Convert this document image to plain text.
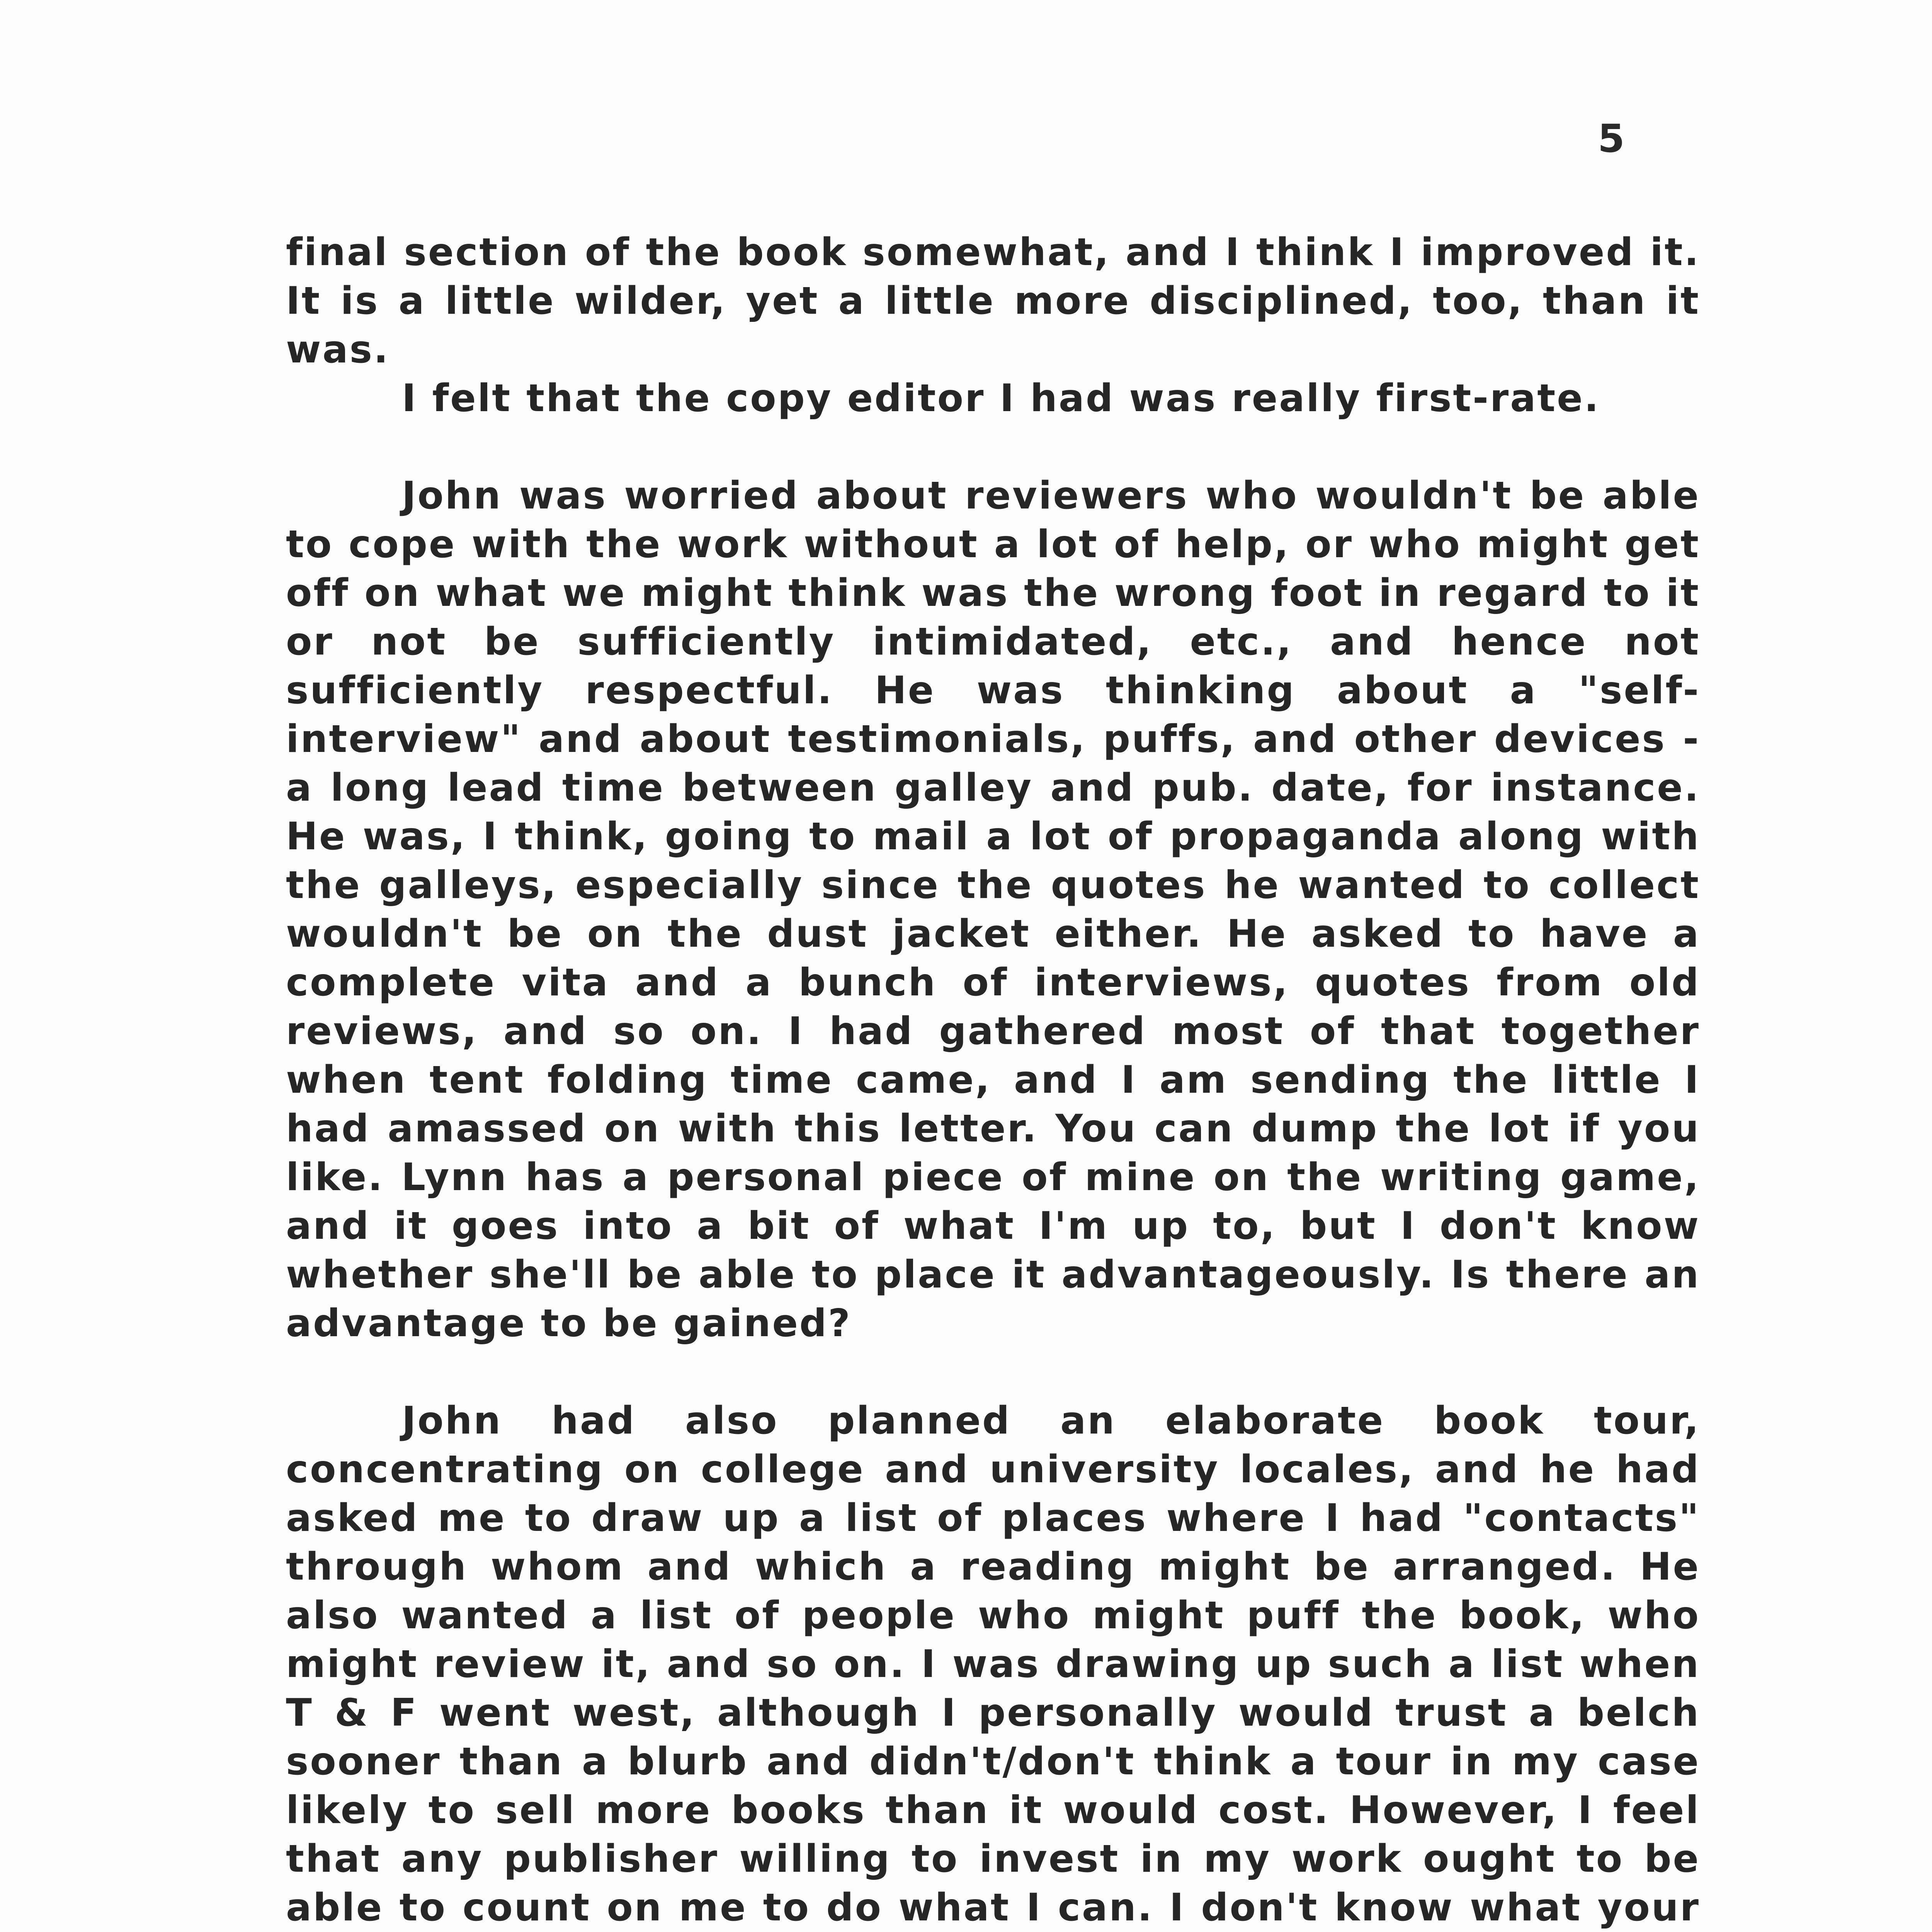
5

final section of the book somewhat, and I think I improved it. It is a little wilder, yet a little more disciplined, too, than it was.

I felt that the copy editor I had was really first-rate.

John was worried about reviewers who wouldn't be able to cope with the work without a lot of help, or who might get off on what we might think was the wrong foot in regard to it or not be sufficiently intimidated, etc., and hence not sufficiently respectful. He was thinking about a "self-interview" and about testimonials, puffs, and other devices - a long lead time between galley and pub. date, for instance. He was, I think, going to mail a lot of propaganda along with the galleys, especially since the quotes he wanted to collect wouldn't be on the dust jacket either. He asked to have a complete vita and a bunch of interviews, quotes from old reviews, and so on. I had gathered most of that together when tent folding time came, and I am sending the little I had amassed on with this letter. You can dump the lot if you like. Lynn has a personal piece of mine on the writing game, and it goes into a bit of what I'm up to, but I don't know whether she'll be able to place it advantageously. Is there an advantage to be gained?

John had also planned an elaborate book tour, concentrating on college and university locales, and he had asked me to draw up a list of places where I had "contacts" through whom and which a reading might be arranged. He also wanted a list of people who might puff the book, who might review it, and so on. I was drawing up such a list when T & F went west, although I personally would trust a belch sooner than a blurb and didn't/don't think a tour in my case likely to sell more books than it would cost. However, I feel that any publisher willing to invest in my work ought to be able to count on me to do what I can. I don't know what your
